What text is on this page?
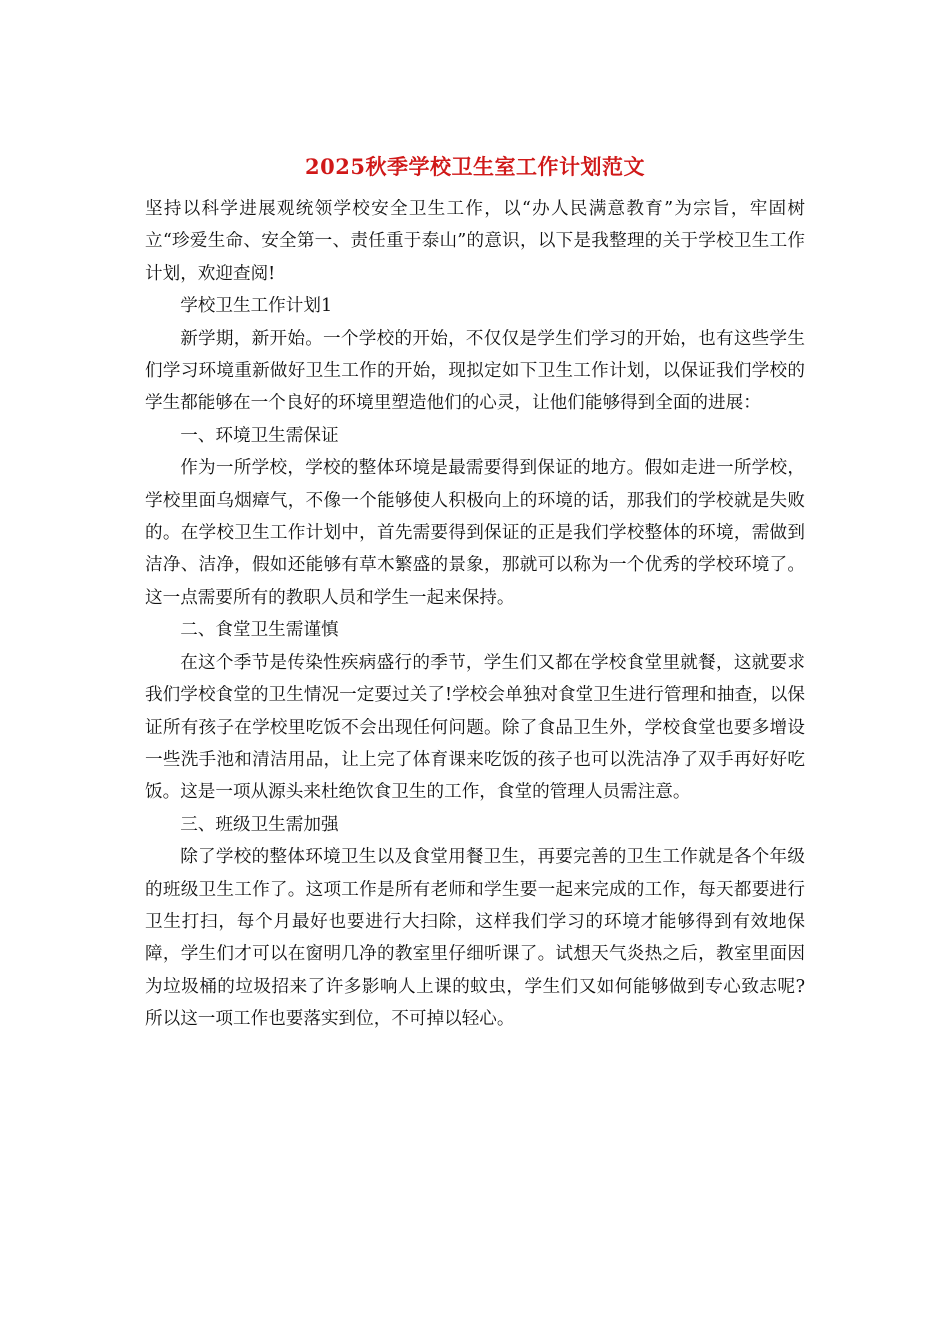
2025秋季学校卫生室工作计划范文

坚持以科学进展观统领学校安全卫生工作，以“办人民满意教育”为宗旨，牢固树立“珍爱生命、安全第一、责任重于泰山”的意识，以下是我整理的关于学校卫生工作计划，欢迎查阅!

学校卫生工作计划1

新学期，新开始。一个学校的开始，不仅仅是学生们学习的开始，也有这些学生们学习环境重新做好卫生工作的开始，现拟定如下卫生工作计划，以保证我们学校的学生都能够在一个良好的环境里塑造他们的心灵，让他们能够得到全面的进展：

一、环境卫生需保证

作为一所学校，学校的整体环境是最需要得到保证的地方。假如走进一所学校，学校里面乌烟瘴气，不像一个能够使人积极向上的环境的话，那我们的学校就是失败的。在学校卫生工作计划中，首先需要得到保证的正是我们学校整体的环境，需做到洁净、洁净，假如还能够有草木繁盛的景象，那就可以称为一个优秀的学校环境了。这一点需要所有的教职人员和学生一起来保持。

二、食堂卫生需谨慎

在这个季节是传染性疾病盛行的季节，学生们又都在学校食堂里就餐，这就要求我们学校食堂的卫生情况一定要过关了!学校会单独对食堂卫生进行管理和抽查，以保证所有孩子在学校里吃饭不会出现任何问题。除了食品卫生外，学校食堂也要多增设一些洗手池和清洁用品，让上完了体育课来吃饭的孩子也可以洗洁净了双手再好好吃饭。这是一项从源头来杜绝饮食卫生的工作，食堂的管理人员需注意。

三、班级卫生需加强

除了学校的整体环境卫生以及食堂用餐卫生，再要完善的卫生工作就是各个年级的班级卫生工作了。这项工作是所有老师和学生要一起来完成的工作，每天都要进行卫生打扫，每个月最好也要进行大扫除，这样我们学习的环境才能够得到有效地保障，学生们才可以在窗明几净的教室里仔细听课了。试想天气炎热之后，教室里面因为垃圾桶的垃圾招来了许多影响人上课的蚊虫，学生们又如何能够做到专心致志呢?所以这一项工作也要落实到位，不可掉以轻心。
